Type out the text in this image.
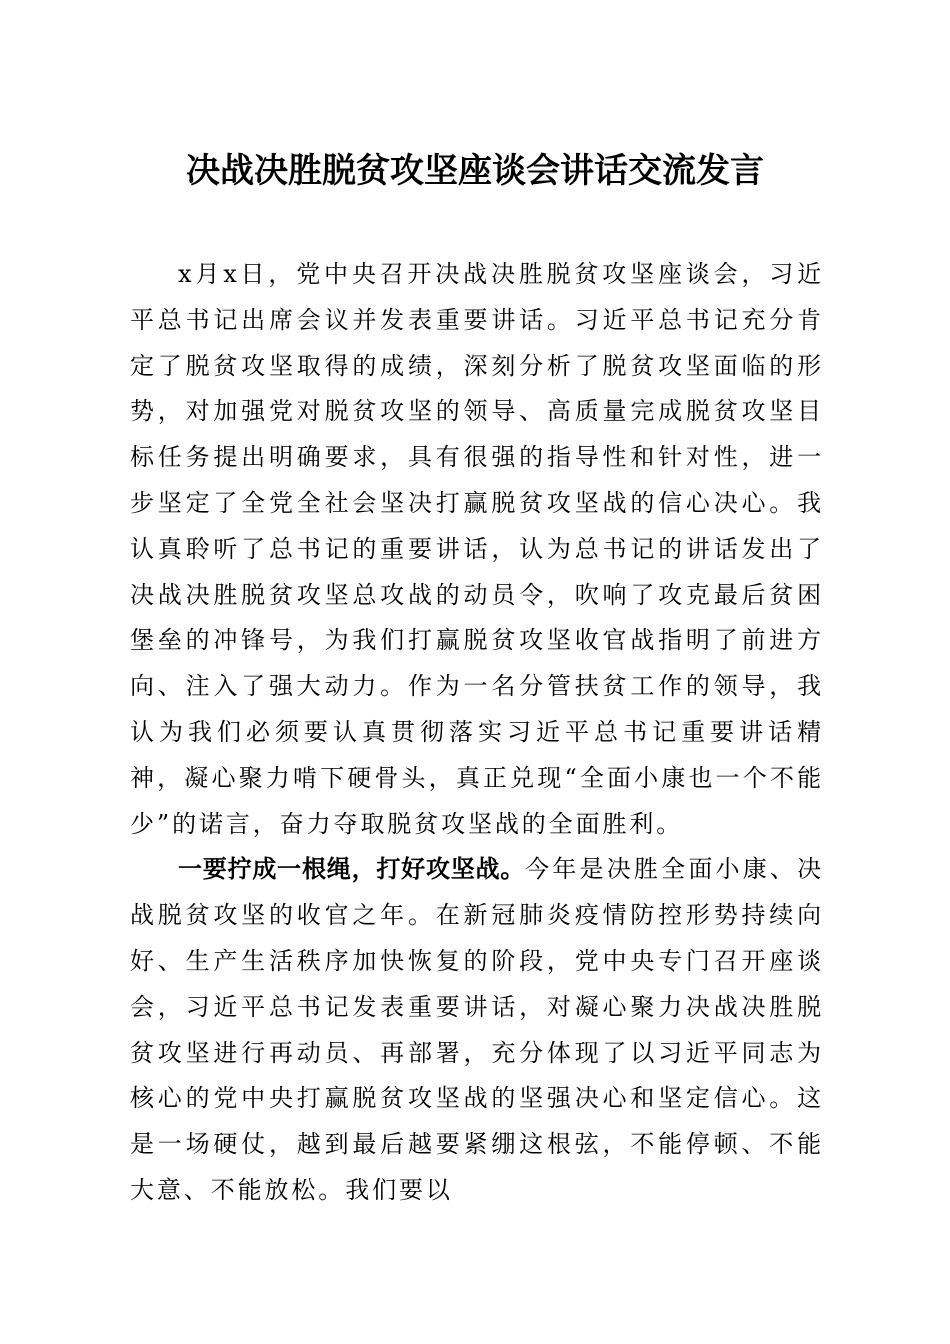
决战决胜脱贫攻坚座谈会讲话交流发言

x月x日，党中央召开决战决胜脱贫攻坚座谈会，习近平总书记出席会议并发表重要讲话。习近平总书记充分肯定了脱贫攻坚取得的成绩，深刻分析了脱贫攻坚面临的形势，对加强党对脱贫攻坚的领导、高质量完成脱贫攻坚目标任务提出明确要求，具有很强的指导性和针对性，进一步坚定了全党全社会坚决打赢脱贫攻坚战的信心决心。我认真聆听了总书记的重要讲话，认为总书记的讲话发出了决战决胜脱贫攻坚总攻战的动员令，吹响了攻克最后贫困堡垒的冲锋号，为我们打赢脱贫攻坚收官战指明了前进方向、注入了强大动力。作为一名分管扶贫工作的领导，我认为我们必须要认真贯彻落实习近平总书记重要讲话精神，凝心聚力啃下硬骨头，真正兑现“全面小康也一个不能少”的诺言，奋力夺取脱贫攻坚战的全面胜利。

一要拧成一根绳，打好攻坚战。今年是决胜全面小康、决战脱贫攻坚的收官之年。在新冠肺炎疫情防控形势持续向好、生产生活秩序加快恢复的阶段，党中央专门召开座谈会，习近平总书记发表重要讲话，对凝心聚力决战决胜脱贫攻坚进行再动员、再部署，充分体现了以习近平同志为核心的党中央打赢脱贫攻坚战的坚强决心和坚定信心。这是一场硬仗，越到最后越要紧绷这根弦，不能停顿、不能大意、不能放松。我们要以
